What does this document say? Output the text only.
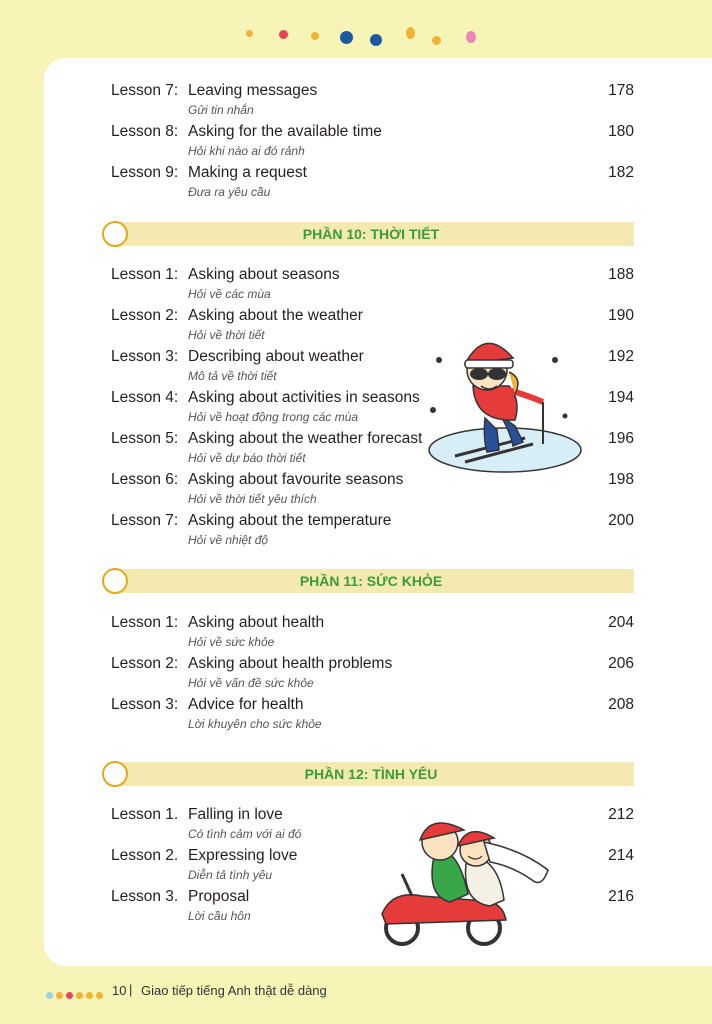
Lesson 7: Leaving messages
Gửi tin nhắn
178
Lesson 8: Asking for the available time
Hỏi khi nào ai đó rảnh
180
Lesson 9: Making a request
Đưa ra yêu cầu
182
PHẦN 10: THỜI TIẾT
Lesson 1: Asking about seasons
Hỏi về các mùa
188
Lesson 2: Asking about the weather
Hỏi về thời tiết
190
Lesson 3: Describing about weather
Mô tả về thời tiết
192
Lesson 4: Asking about activities in seasons
Hỏi về hoạt động trong các mùa
194
Lesson 5: Asking about the weather forecast
Hỏi về dự báo thời tiết
196
Lesson 6: Asking about favourite seasons
Hỏi về thời tiết yêu thích
198
Lesson 7: Asking about the temperature
Hỏi về nhiệt độ
200
PHẦN 11: SỨC KHỎE
Lesson 1: Asking about health
Hỏi về sức khỏe
204
Lesson 2: Asking about health problems
Hỏi về vấn đề sức khỏe
206
Lesson 3: Advice for health
Lời khuyên cho sức khỏe
208
PHẦN 12: TÌNH YÊU
Lesson 1. Falling in love
Có tình cảm với ai đó
212
Lesson 2. Expressing love
Diễn tả tình yêu
214
Lesson 3. Proposal
Lời cầu hôn
216
10 | Giao tiếp tiếng Anh thật dễ dàng
